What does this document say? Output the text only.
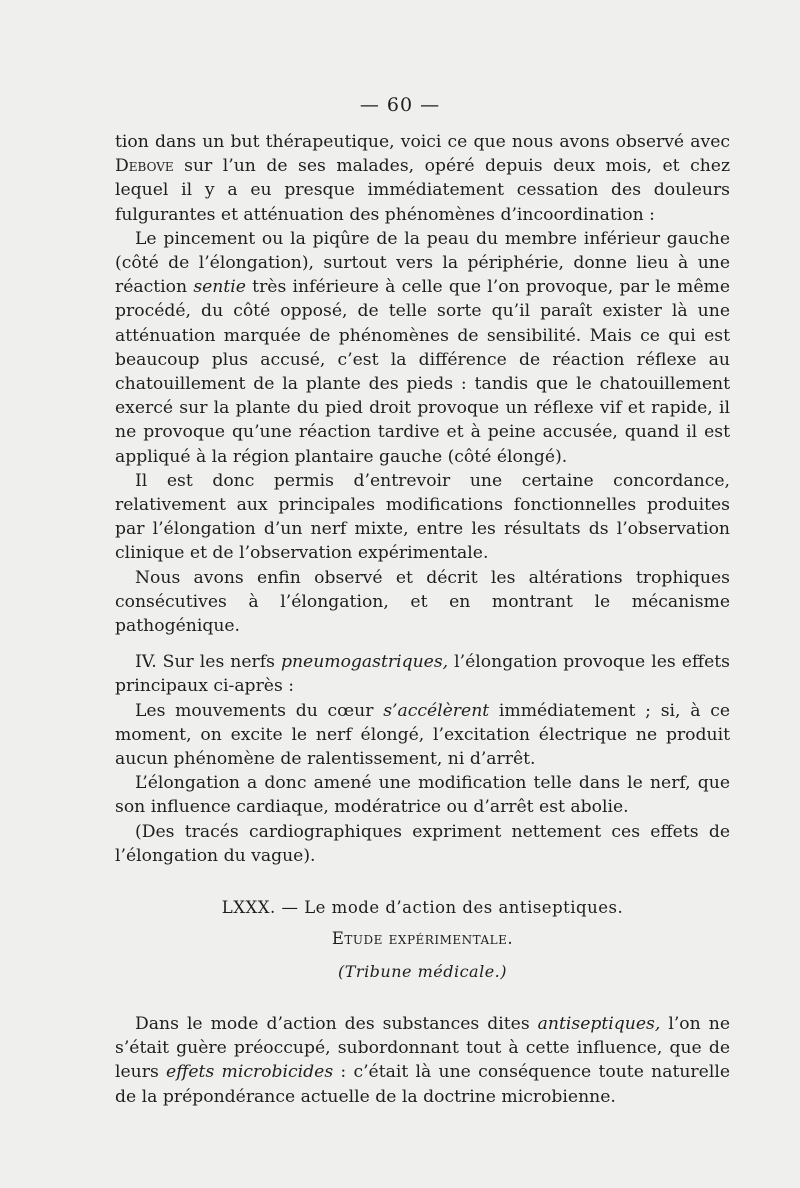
— 60 —

tion dans un but thérapeutique, voici ce que nous avons observé avec Debove sur l’un de ses malades, opéré depuis deux mois, et chez lequel il y a eu presque immédiatement cessation des douleurs fulgurantes et atténuation des phénomènes d’incoordination :

Le pincement ou la piqûre de la peau du membre inférieur gauche (côté de l’élongation), surtout vers la périphérie, donne lieu à une réaction sentie très inférieure à celle que l’on provoque, par le même procédé, du côté opposé, de telle sorte qu’il paraît exister là une atténuation marquée de phénomènes de sensibilité. Mais ce qui est beaucoup plus accusé, c’est la différence de réaction réflexe au chatouillement de la plante des pieds : tandis que le chatouillement exercé sur la plante du pied droit provoque un réflexe vif et rapide, il ne provoque qu’une réaction tardive et à peine accusée, quand il est appliqué à la région plantaire gauche (côté élongé).

Il est donc permis d’entrevoir une certaine concordance, relativement aux principales modifications fonctionnelles produites par l’élongation d’un nerf mixte, entre les résultats ds l’observation clinique et de l’observation expérimentale.

Nous avons enfin observé et décrit les altérations trophiques consécutives à l’élongation, et en montrant le mécanisme pathogénique.

IV. Sur les nerfs pneumogastriques, l’élongation provoque les effets principaux ci-après :

Les mouvements du cœur s’accélèrent immédiatement ; si, à ce moment, on excite le nerf élongé, l’excitation électrique ne produit aucun phénomène de ralentissement, ni d’arrêt.

L’élongation a donc amené une modification telle dans le nerf, que son influence cardiaque, modératrice ou d’arrêt est abolie.

(Des tracés cardiographiques expriment nettement ces effets de l’élongation du vague).

LXXX. — Le mode d’action des antiseptiques.
Etude expérimentale.
(Tribune médicale.)

Dans le mode d’action des substances dites antiseptiques, l’on ne s’était guère préoccupé, subordonnant tout à cette influence, que de leurs effets microbicides : c’était là une conséquence toute naturelle de la prépondérance actuelle de la doctrine microbienne.
